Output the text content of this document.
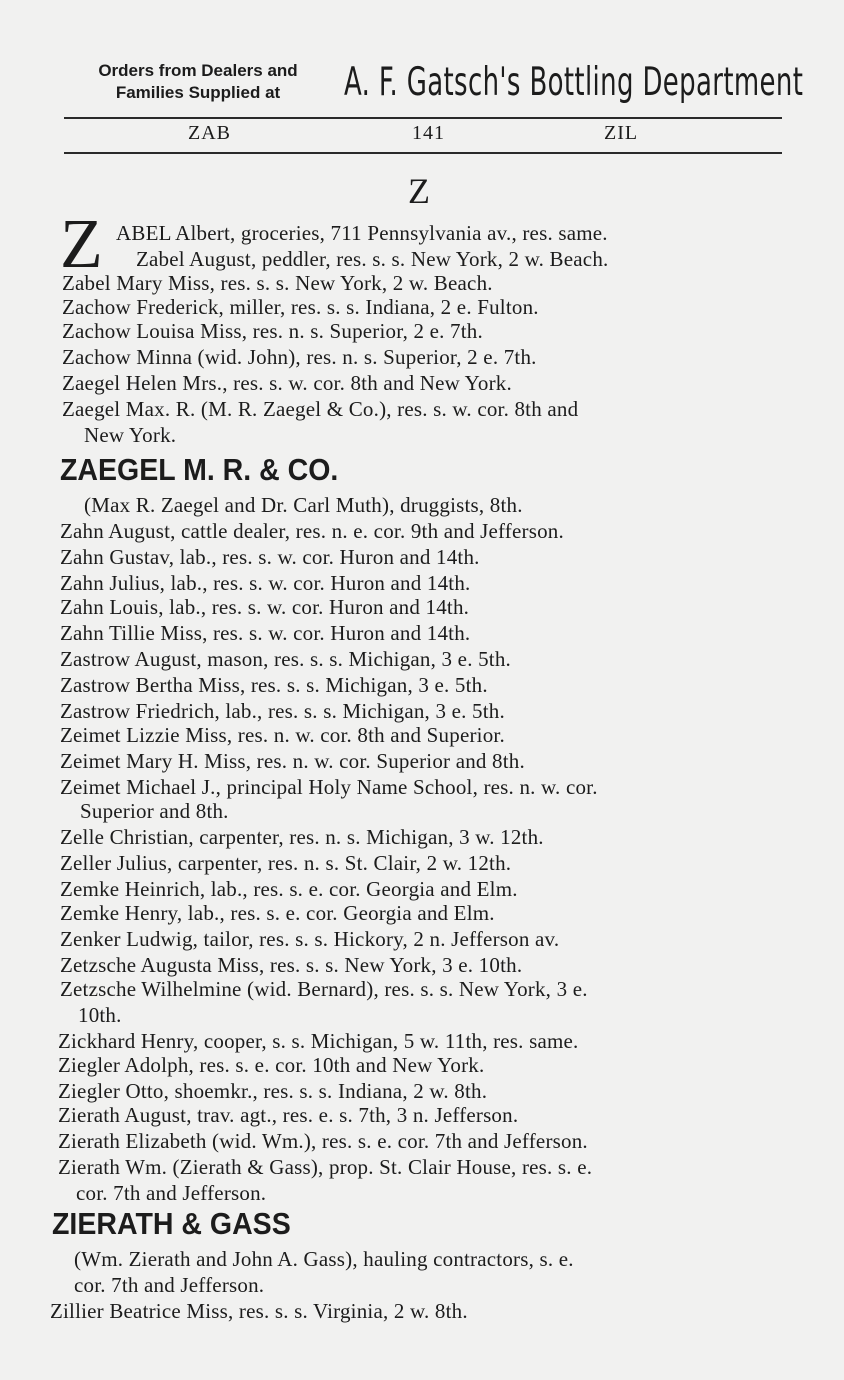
Orders from Dealers and
Families Supplied at	A. F. Gatsch's Bottling Department
ZAB	141	ZIL
Z
Z ABEL Albert, groceries, 711 Pennsylvania av., res. same.
Zabel August, peddler, res. s. s. New York, 2 w. Beach.
Zabel Mary Miss, res. s. s. New York, 2 w. Beach.
Zachow Frederick, miller, res. s. s. Indiana, 2 e. Fulton.
Zachow Louisa Miss, res. n. s. Superior, 2 e. 7th.
Zachow Minna (wid. John), res. n. s. Superior, 2 e. 7th.
Zaegel Helen Mrs., res. s. w. cor. 8th and New York.
Zaegel Max. R. (M. R. Zaegel & Co.), res. s. w. cor. 8th and
New York.
ZAEGEL M. R. & CO.
(Max R. Zaegel and Dr. Carl Muth), druggists, 8th.
Zahn August, cattle dealer, res. n. e. cor. 9th and Jefferson.
Zahn Gustav, lab., res. s. w. cor. Huron and 14th.
Zahn Julius, lab., res. s. w. cor. Huron and 14th.
Zahn Louis, lab., res. s. w. cor. Huron and 14th.
Zahn Tillie Miss, res. s. w. cor. Huron and 14th.
Zastrow August, mason, res. s. s. Michigan, 3 e. 5th.
Zastrow Bertha Miss, res. s. s. Michigan, 3 e. 5th.
Zastrow Friedrich, lab., res. s. s. Michigan, 3 e. 5th.
Zeimet Lizzie Miss, res. n. w. cor. 8th and Superior.
Zeimet Mary H. Miss, res. n. w. cor. Superior and 8th.
Zeimet Michael J., principal Holy Name School, res. n. w. cor.
Superior and 8th.
Zelle Christian, carpenter, res. n. s. Michigan, 3 w. 12th.
Zeller Julius, carpenter, res. n. s. St. Clair, 2 w. 12th.
Zemke Heinrich, lab., res. s. e. cor. Georgia and Elm.
Zemke Henry, lab., res. s. e. cor. Georgia and Elm.
Zenker Ludwig, tailor, res. s. s. Hickory, 2 n. Jefferson av.
Zetzsche Augusta Miss, res. s. s. New York, 3 e. 10th.
Zetzsche Wilhelmine (wid. Bernard), res. s. s. New York, 3 e.
10th.
Zickhard Henry, cooper, s. s. Michigan, 5 w. 11th, res. same.
Ziegler Adolph, res. s. e. cor. 10th and New York.
Ziegler Otto, shoemkr., res. s. s. Indiana, 2 w. 8th.
Zierath August, trav. agt., res. e. s. 7th, 3 n. Jefferson.
Zierath Elizabeth (wid. Wm.), res. s. e. cor. 7th and Jefferson.
Zierath Wm. (Zierath & Gass), prop. St. Clair House, res. s. e.
cor. 7th and Jefferson.
ZIERATH & GASS
(Wm. Zierath and John A. Gass), hauling contractors, s. e.
cor. 7th and Jefferson.
Zillier Beatrice Miss, res. s. s. Virginia, 2 w. 8th.
